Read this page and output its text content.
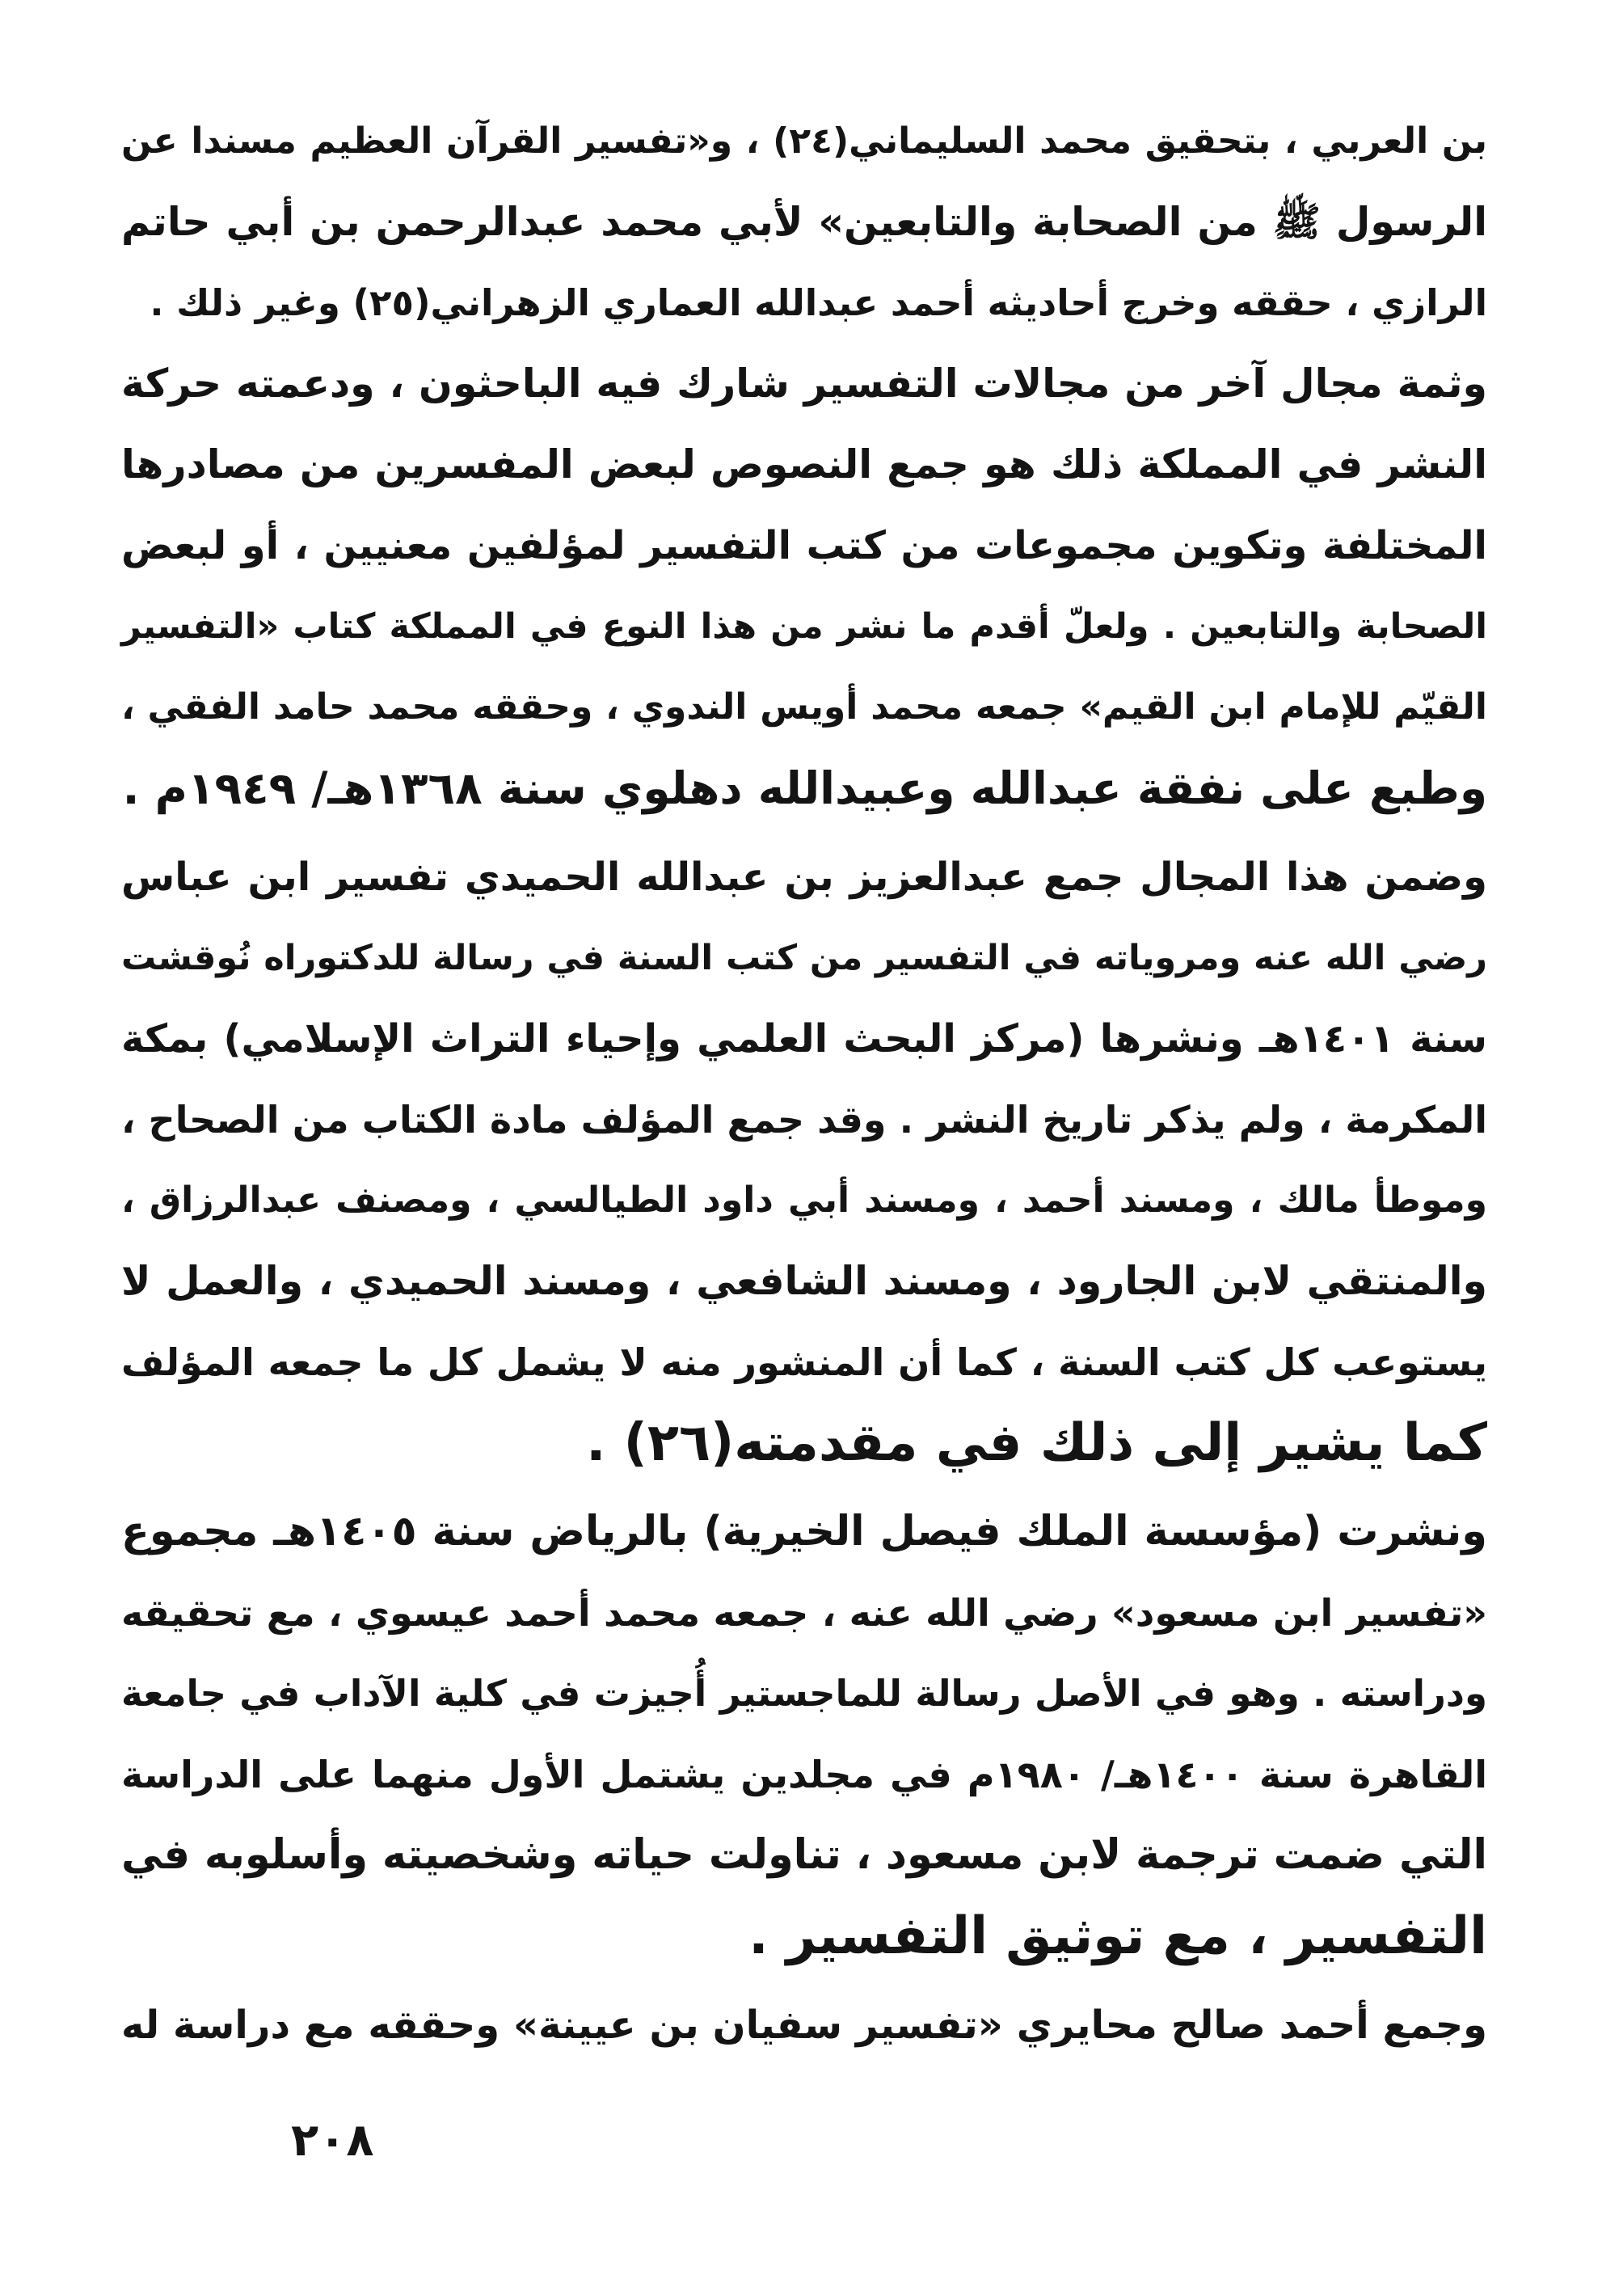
بن العربي ، بتحقيق محمد السليماني(٢٤) ، و«تفسير القرآن العظيم مسندا عن
الرسول ﷺ من الصحابة والتابعين» لأبي محمد عبدالرحمن بن أبي حاتم
الرازي ، حققه وخرج أحاديثه أحمد عبدالله العماري الزهراني(٢٥) وغير ذلك .
وثمة مجال آخر من مجالات التفسير شارك فيه الباحثون ، ودعمته حركة
النشر في المملكة ذلك هو جمع النصوص لبعض المفسرين من مصادرها
المختلفة وتكوين مجموعات من كتب التفسير لمؤلفين معنيين ، أو لبعض
الصحابة والتابعين . ولعلّ أقدم ما نشر من هذا النوع في المملكة كتاب «التفسير
القيّم للإمام ابن القيم» جمعه محمد أويس الندوي ، وحققه محمد حامد الفقي ،
وطبع على نفقة عبدالله وعبيدالله دهلوي سنة ١٣٦٨هـ/ ١٩٤٩م .
وضمن هذا المجال جمع عبدالعزيز بن عبدالله الحميدي تفسير ابن عباس
رضي الله عنه ومروياته في التفسير من كتب السنة في رسالة للدكتوراه نُوقشت
سنة ١٤٠١هـ ونشرها (مركز البحث العلمي وإحياء التراث الإسلامي) بمكة
المكرمة ، ولم يذكر تاريخ النشر . وقد جمع المؤلف مادة الكتاب من الصحاح ،
وموطأ مالك ، ومسند أحمد ، ومسند أبي داود الطيالسي ، ومصنف عبدالرزاق ،
والمنتقي لابن الجارود ، ومسند الشافعي ، ومسند الحميدي ، والعمل لا
يستوعب كل كتب السنة ، كما أن المنشور منه لا يشمل كل ما جمعه المؤلف
كما يشير إلى ذلك في مقدمته(٢٦) .
ونشرت (مؤسسة الملك فيصل الخيرية) بالرياض سنة ١٤٠٥هـ مجموع
«تفسير ابن مسعود» رضي الله عنه ، جمعه محمد أحمد عيسوي ، مع تحقيقه
ودراسته . وهو في الأصل رسالة للماجستير أُجيزت في كلية الآداب في جامعة
القاهرة سنة ١٤٠٠هـ/ ١٩٨٠م في مجلدين يشتمل الأول منهما على الدراسة
التي ضمت ترجمة لابن مسعود ، تناولت حياته وشخصيته وأسلوبه في
التفسير ، مع توثيق التفسير .
وجمع أحمد صالح محايري «تفسير سفيان بن عيينة» وحققه مع دراسة له
٢٠٨
